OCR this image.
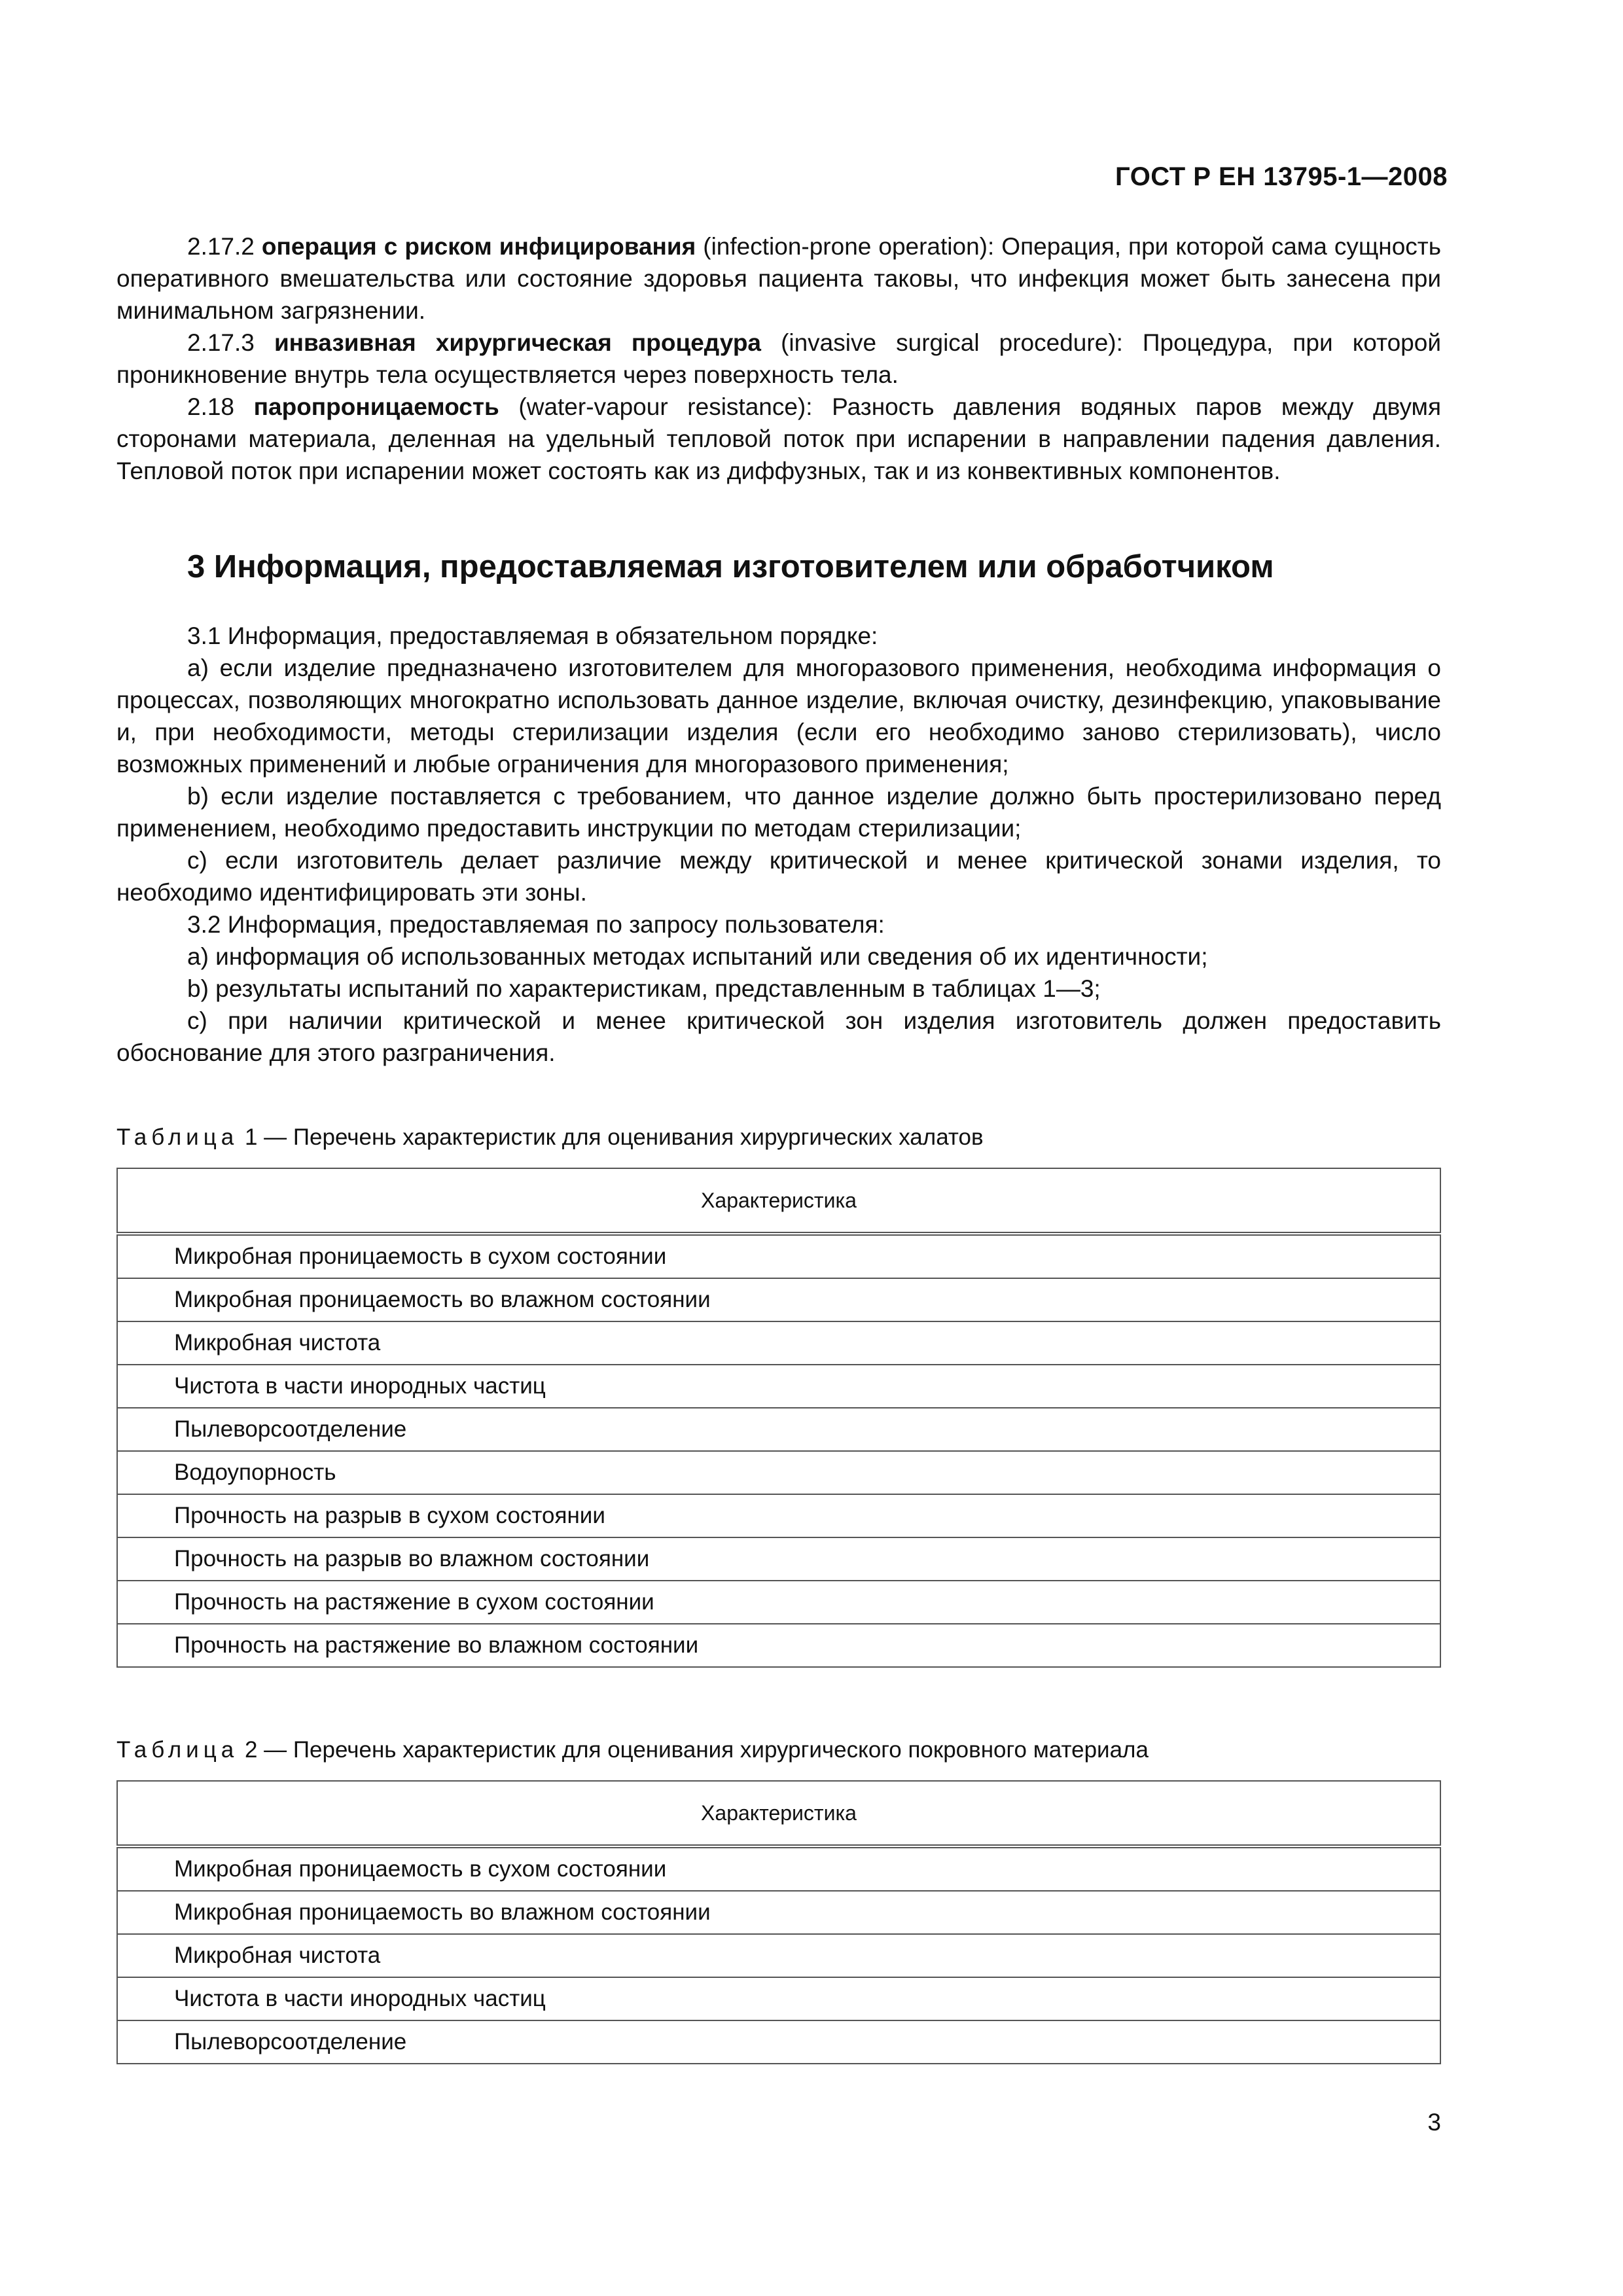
ГОСТ Р ЕН 13795-1—2008

2.17.2 операция с риском инфицирования (infection-prone operation): Операция, при которой сама сущность оперативного вмешательства или состояние здоровья пациента таковы, что инфекция может быть занесена при минимальном загрязнении.

2.17.3 инвазивная хирургическая процедура (invasive surgical procedure): Процедура, при которой проникновение внутрь тела осуществляется через поверхность тела.

2.18 паропроницаемость (water-vapour resistance): Разность давления водяных паров между двумя сторонами материала, деленная на удельный тепловой поток при испарении в направлении падения давления. Тепловой поток при испарении может состоять как из диффузных, так и из конвективных компонентов.

3 Информация, предоставляемая изготовителем или обработчиком

3.1 Информация, предоставляемая в обязательном порядке:

a) если изделие предназначено изготовителем для многоразового применения, необходима информация о процессах, позволяющих многократно использовать данное изделие, включая очистку, дезинфекцию, упаковывание и, при необходимости, методы стерилизации изделия (если его необходимо заново стерилизовать), число возможных применений и любые ограничения для многоразового применения;

b) если изделие поставляется с требованием, что данное изделие должно быть простерилизовано перед применением, необходимо предоставить инструкции по методам стерилизации;

c) если изготовитель делает различие между критической и менее критической зонами изделия, то необходимо идентифицировать эти зоны.

3.2 Информация, предоставляемая по запросу пользователя:

a) информация об использованных методах испытаний или сведения об их идентичности;

b) результаты испытаний по характеристикам, представленным в таблицах 1—3;

c) при наличии критической и менее критической зон изделия изготовитель должен предоставить обоснование для этого разграничения.

Таблица 1 — Перечень характеристик для оценивания хирургических халатов

Характеристика
Микробная проницаемость в сухом состоянии
Микробная проницаемость во влажном состоянии
Микробная чистота
Чистота в части инородных частиц
Пылеворсоотделение
Водоупорность
Прочность на разрыв в сухом состоянии
Прочность на разрыв во влажном состоянии
Прочность на растяжение в сухом состоянии
Прочность на растяжение во влажном состоянии

Таблица 2 — Перечень характеристик для оценивания хирургического покровного материала

Характеристика
Микробная проницаемость в сухом состоянии
Микробная проницаемость во влажном состоянии
Микробная чистота
Чистота в части инородных частиц
Пылеворсоотделение
3
